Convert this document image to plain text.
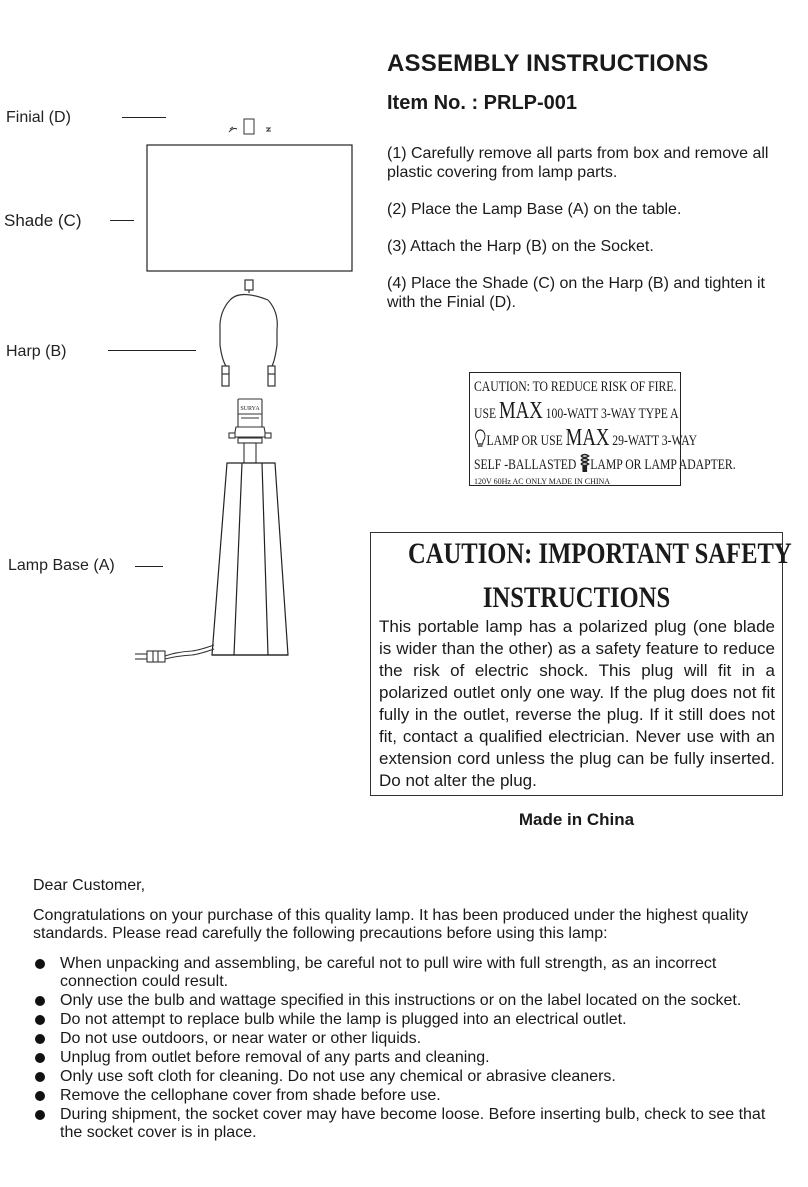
Finial (D)
Shade (C)
Harp (B)
Lamp Base (A)
SURYA
ASSEMBLY INSTRUCTIONS
Item No. : PRLP-001

(1) Carefully remove all parts from box and remove all plastic covering from lamp parts.

(2) Place the Lamp Base (A) on the table.

(3) Attach the Harp (B) on the Socket.

(4) Place the Shade (C) on the Harp (B) and tighten it with the Finial (D).

CAUTION: TO REDUCE RISK OF FIRE.
USE MAX 100-WATT 3-WAY TYPE A
LAMP OR USE MAX 29-WATT 3-WAY
SELF -BALLASTED LAMP OR LAMP ADAPTER.
120V 60Hz AC ONLY MADE IN CHINA
CAUTION: IMPORTANT SAFETY
INSTRUCTIONS
This portable lamp has a polarized plug (one blade is wider than the other) as a safety feature to reduce the risk of electric shock. This plug will fit in a polarized outlet only one way. If the plug does not fit fully in the outlet, reverse the plug. If it still does not fit, contact a qualified electrician. Never use with an extension cord unless the plug can be fully inserted. Do not alter the plug.
Made in China

Dear Customer,

Congratulations on your purchase of this quality lamp. It has been produced under the highest quality standards. Please read carefully the following precautions before using this lamp:

When unpacking and assembling, be careful not to pull wire with full strength, as an incorrect connection could result.
Only use the bulb and wattage specified in this instructions or on the label located on the socket.
Do not attempt to replace bulb while the lamp is plugged into an electrical outlet.
Do not use outdoors, or near water or other liquids.
Unplug from outlet before removal of any parts and cleaning.
Only use soft cloth for cleaning. Do not use any chemical or abrasive cleaners.
Remove the cellophane cover from shade before use.
During shipment, the socket cover may have become loose. Before inserting bulb, check to see that the socket cover is in place.
